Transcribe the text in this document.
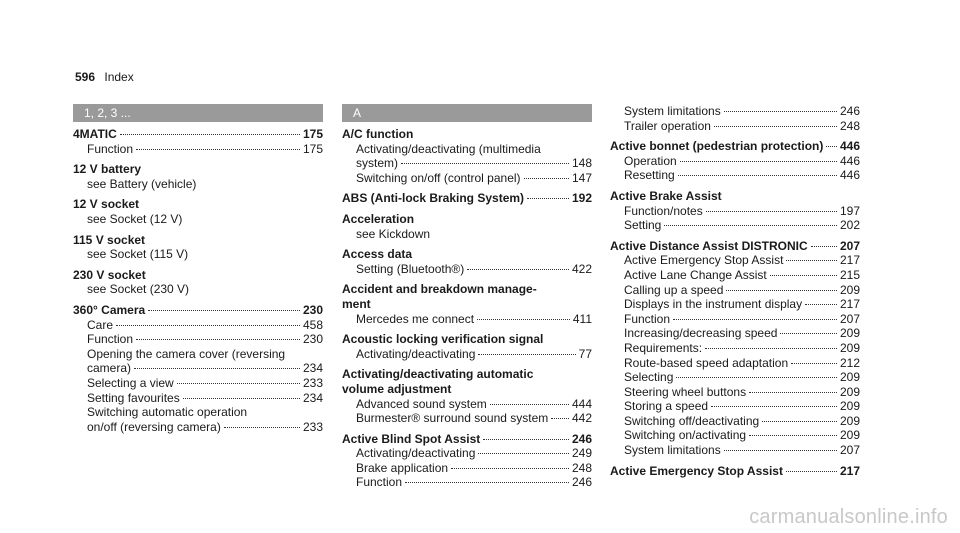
596 Index
1, 2, 3 ...
4MATIC	175
Function	175
12 V battery
see Battery (vehicle)
12 V socket
see Socket (12 V)
115 V socket
see Socket (115 V)
230 V socket
see Socket (230 V)
360° Camera	230
Care	458
Function	230
Opening the camera cover (reversing
camera)	234
Selecting a view	233
Setting favourites	234
Switching automatic operation
on/off (reversing camera)	233
A
A/C function
Activating/deactivating (multimedia
system)	148
Switching on/off (control panel)	147
ABS (Anti-lock Braking System)	192
Acceleration
see Kickdown
Access data
Setting (Bluetooth®)	422
Accident and breakdown manage-
ment
Mercedes me connect	411
Acoustic locking verification signal
Activating/deactivating	77
Activating/deactivating automatic
volume adjustment
Advanced sound system	444
Burmester® surround sound system 442
Active Blind Spot Assist	246
Activating/deactivating	249
Brake application	248
Function	246
System limitations	246
Trailer operation	248
Active bonnet (pedestrian protection) 446
Operation	446
Resetting	446
Active Brake Assist
Function/notes	197
Setting	202
Active Distance Assist DISTRONIC	207
Active Emergency Stop Assist	217
Active Lane Change Assist	215
Calling up a speed	209
Displays in the instrument display	217
Function	207
Increasing/decreasing speed	209
Requirements:	209
Route-based speed adaptation	212
Selecting	209
Steering wheel buttons	209
Storing a speed	209
Switching off/deactivating	209
Switching on/activating	209
System limitations	207
Active Emergency Stop Assist	217
carmanualsonline.info
